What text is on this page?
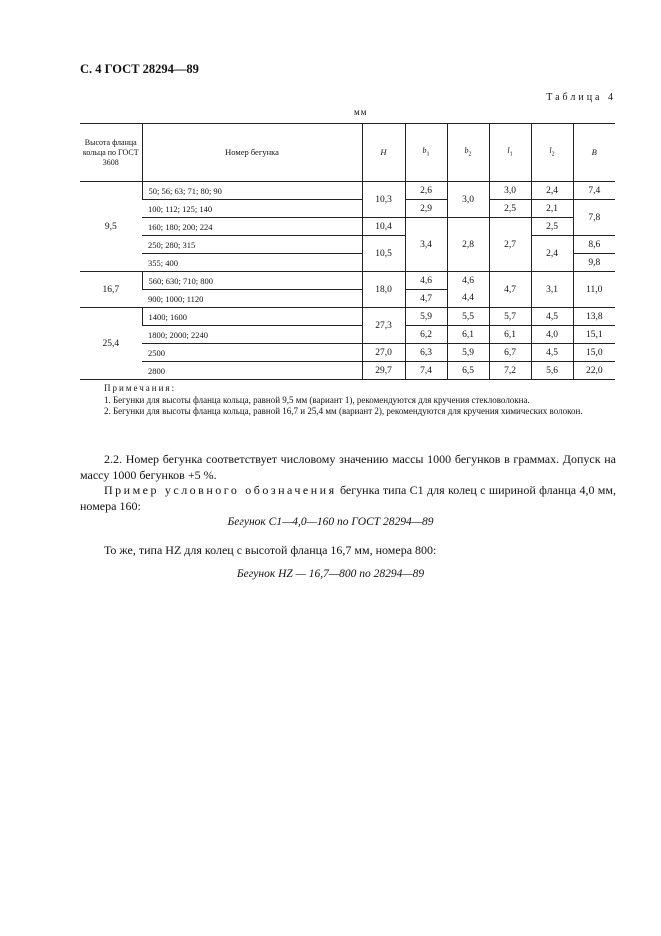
С. 4 ГОСТ 28294—89
Таблица 4
мм
Высота фланца кольца по ГОСТ 3608	Номер бегунка	H	$b_1$	$b_2$	$l_1$	$l_2$	B
9,5	50; 56; 63; 71; 80; 90	10,3	2,6	3,0	3,0	2,4	7,4
	100; 112; 125; 140		2,9		2,5	2,1	7,8
	160; 180; 200; 224	10,4	3,4	2,8	2,7	2,5	
	250; 280; 315	10,5				2,4	8,6
	355; 400						9,8
16,7	560; 630; 710; 800	18,0	4,6	4,6	4,7	3,1	11,0
	900; 1000; 1120		4,7	4,4			
25,4	1400; 1600	27,3	5,9	5,5	5,7	4,5	13,8
	1800; 2000; 2240		6,2	6,1	6,1	4,0	15,1
	2500	27,0	6,3	5,9	6,7	4,5	15,0
	2800	29,7	7,4	6,5	7,2	5,6	22,0
Примечания:

1. Бегунки для высоты фланца кольца, равной 9,5 мм (вариант 1), рекомендуются для кручения стекловолокна.

2. Бегунки для высоты фланца кольца, равной 16,7 и 25,4 мм (вариант 2), рекомендуются для кручения химических волокон.

2.2. Номер бегунка соответствует числовому значению массы 1000 бегунков в граммах. Допуск на массу 1000 бегунков +5 %.

Пример условного обозначения бегунка типа С1 для колец с шириной фланца 4,0 мм, номера 160:

Бегунок С1—4,0—160 по ГОСТ 28294—89
То же, типа HZ для колец с высотой фланца 16,7 мм, номера 800:
Бегунок HZ — 16,7—800 по 28294—89
